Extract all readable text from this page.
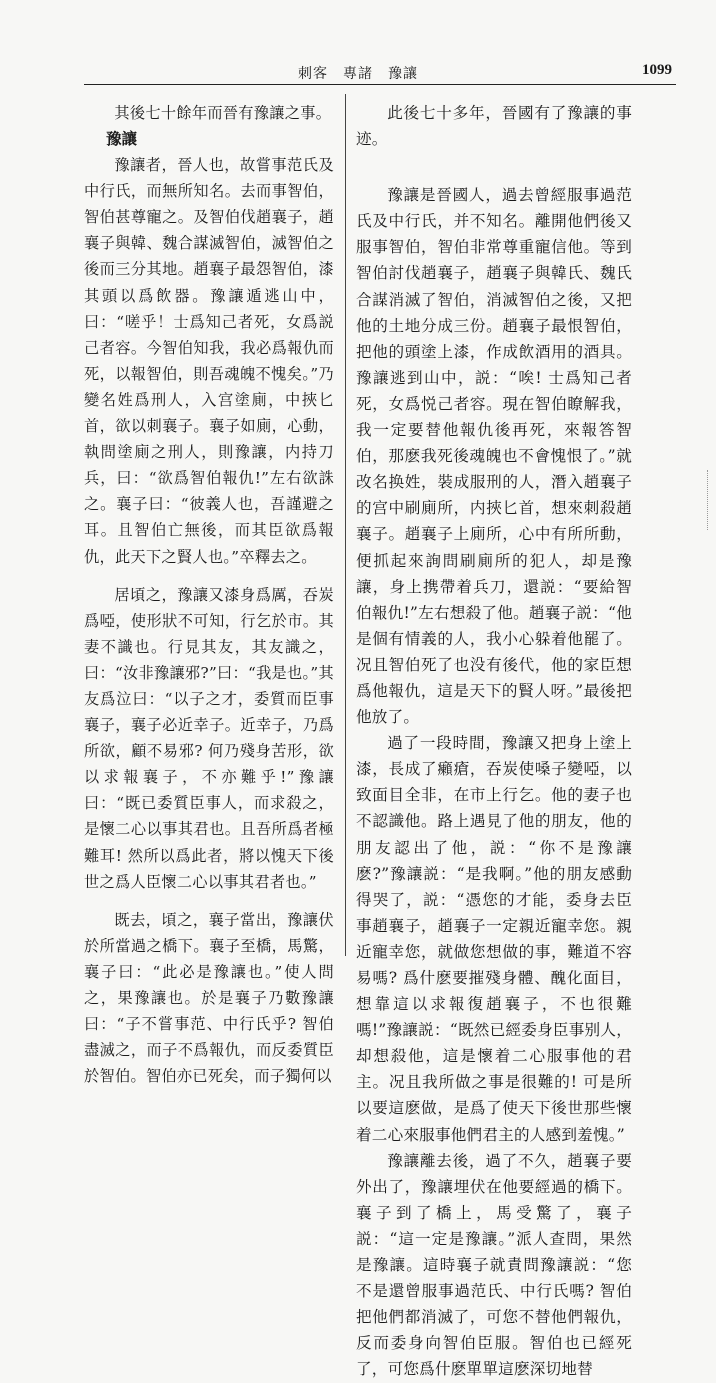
刺客　專諸　豫讓	1099

其後七十餘年而晉有豫讓之事。

豫讓

豫讓者，晉人也，故嘗事范氏及中行氏，而無所知名。去而事智伯，智伯甚尊寵之。及智伯伐趙襄子，趙襄子與韓、魏合謀滅智伯，滅智伯之後而三分其地。趙襄子最怨智伯，漆其頭以爲飲器。豫讓遁逃山中，曰：“嗟乎！士爲知己者死，女爲説己者容。今智伯知我，我必爲報仇而死，以報智伯，則吾魂魄不愧矣。”乃變名姓爲刑人，入宫塗廁，中挾匕首，欲以刺襄子。襄子如廁，心動，執問塗廁之刑人，則豫讓，内持刀兵，曰：“欲爲智伯報仇!”左右欲誅之。襄子曰：“彼義人也，吾謹避之耳。且智伯亡無後，而其臣欲爲報仇，此天下之賢人也。”卒釋去之。

居頃之，豫讓又漆身爲厲，吞炭爲啞，使形狀不可知，行乞於市。其妻不識也。行見其友，其友識之，曰：“汝非豫讓邪?”曰：“我是也。”其友爲泣曰：“以子之才，委質而臣事襄子，襄子必近幸子。近幸子，乃爲所欲，顧不易邪? 何乃殘身苦形，欲以求報襄子，不亦難乎!”豫讓曰：“既已委質臣事人，而求殺之，是懷二心以事其君也。且吾所爲者極難耳! 然所以爲此者，將以愧天下後世之爲人臣懷二心以事其君者也。”

既去，頃之，襄子當出，豫讓伏於所當過之橋下。襄子至橋，馬驚，襄子曰：“此必是豫讓也。”使人問之，果豫讓也。於是襄子乃數豫讓曰：“子不嘗事范、中行氏乎? 智伯盡滅之，而子不爲報仇，而反委質臣於智伯。智伯亦已死矣，而子獨何以

此後七十多年，晉國有了豫讓的事迹。

豫讓是晉國人，過去曾經服事過范氏及中行氏，并不知名。離開他們後又服事智伯，智伯非常尊重寵信他。等到智伯討伐趙襄子，趙襄子與韓氏、魏氏合謀消滅了智伯，消滅智伯之後，又把他的土地分成三份。趙襄子最恨智伯，把他的頭塗上漆，作成飲酒用的酒具。豫讓逃到山中，説：“唉! 士爲知己者死，女爲悦己者容。現在智伯瞭解我，我一定要替他報仇後再死，來報答智伯，那麽我死後魂魄也不會愧恨了。”就改名换姓，裝成服刑的人，潛入趙襄子的宫中刷廁所，内挾匕首，想來刺殺趙襄子。趙襄子上廁所，心中有所所動，便抓起來詢問刷廁所的犯人，却是豫讓，身上携帶着兵刀，還説：“要給智伯報仇!”左右想殺了他。趙襄子説：“他是個有情義的人，我小心躲着他罷了。况且智伯死了也没有後代，他的家臣想爲他報仇，這是天下的賢人呀。”最後把他放了。

過了一段時間，豫讓又把身上塗上漆，長成了癩瘡，吞炭使嗓子變啞，以致面目全非，在市上行乞。他的妻子也不認識他。路上遇見了他的朋友，他的朋友認出了他，説：“你不是豫讓麽?”豫讓説：“是我啊。”他的朋友感動得哭了，説：“憑您的才能，委身去臣事趙襄子，趙襄子一定親近寵幸您。親近寵幸您，就做您想做的事，難道不容易嗎? 爲什麽要摧殘身體、醜化面目，想靠這以求報復趙襄子，不也很難嗎!”豫讓説：“既然已經委身臣事别人，却想殺他，這是懷着二心服事他的君主。况且我所做之事是很難的! 可是所以要這麽做，是爲了使天下後世那些懷着二心來服事他們君主的人感到羞愧。”

豫讓離去後，過了不久，趙襄子要外出了，豫讓埋伏在他要經過的橋下。襄子到了橋上，馬受驚了，襄子説：“這一定是豫讓。”派人查問，果然是豫讓。這時襄子就責問豫讓説：“您不是還曾服事過范氏、中行氏嗎? 智伯把他們都消滅了，可您不替他們報仇，反而委身向智伯臣服。智伯也已經死了，可您爲什麽單單這麽深切地替
